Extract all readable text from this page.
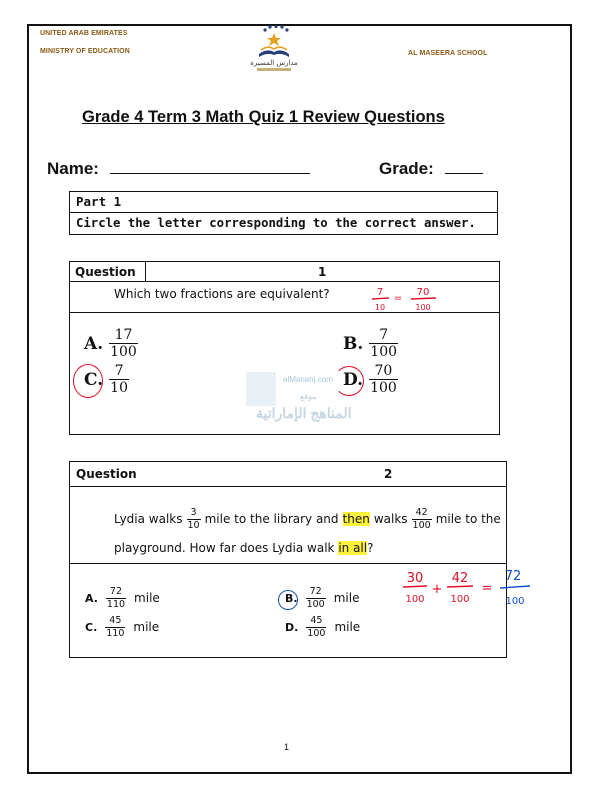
UNITED ARAB EMIRATES
MINISTRY OF EDUCATION	AL MASEERA SCHOOL
مدارس المسيرة
Grade 4 Term 3 Math Quiz 1 Review Questions
Name:	Grade:
Part 1
Circle the letter corresponding to the correct answer.
Question	1
Which two fractions are equivalent?	7
10
=
70
100
A. $\frac{17}{100}$	B. $\frac{7}{100}$
C. $\frac{7}{10}$	D. $\frac{70}{100}$
alManahj.com
موقع
المناهج الإماراتية
Question	2
Lydia walks $\frac{3}{10}$ mile to the library and then walks $\frac{42}{100}$ mile to the
playground. How far does Lydia walk in all?
A. $\frac{72}{110}$ mile	B. $\frac{72}{100}$ mile
C. $\frac{45}{110}$ mile	D. $\frac{45}{100}$ mile
30
100
+
42
100
=
72
100
1
